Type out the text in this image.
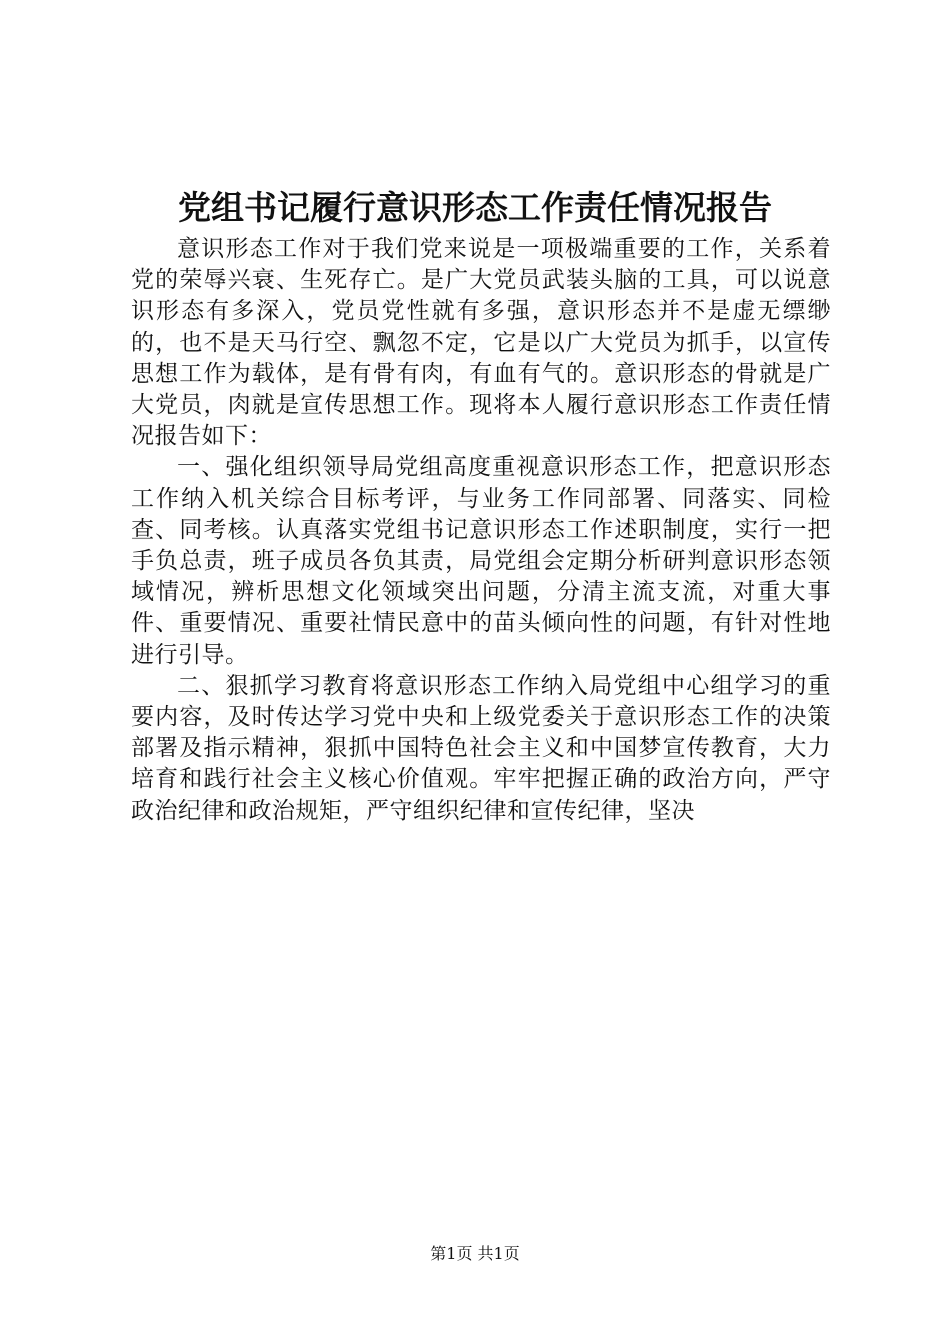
党组书记履行意识形态工作责任情况报告

意识形态工作对于我们党来说是一项极端重要的工作，关系着党的荣辱兴衰、生死存亡。是广大党员武装头脑的工具，可以说意识形态有多深入，党员党性就有多强，意识形态并不是虚无缥缈的，也不是天马行空、飘忽不定，它是以广大党员为抓手，以宣传思想工作为载体，是有骨有肉，有血有气的。意识形态的骨就是广大党员，肉就是宣传思想工作。现将本人履行意识形态工作责任情况报告如下：

一、强化组织领导局党组高度重视意识形态工作，把意识形态工作纳入机关综合目标考评，与业务工作同部署、同落实、同检查、同考核。认真落实党组书记意识形态工作述职制度，实行一把手负总责，班子成员各负其责，局党组会定期分析研判意识形态领域情况，辨析思想文化领域突出问题，分清主流支流，对重大事件、重要情况、重要社情民意中的苗头倾向性的问题，有针对性地进行引导。

二、狠抓学习教育将意识形态工作纳入局党组中心组学习的重要内容，及时传达学习党中央和上级党委关于意识形态工作的决策部署及指示精神，狠抓中国特色社会主义和中国梦宣传教育，大力培育和践行社会主义核心价值观。牢牢把握正确的政治方向，严守政治纪律和政治规矩，严守组织纪律和宣传纪律，坚决

第1页 共1页
